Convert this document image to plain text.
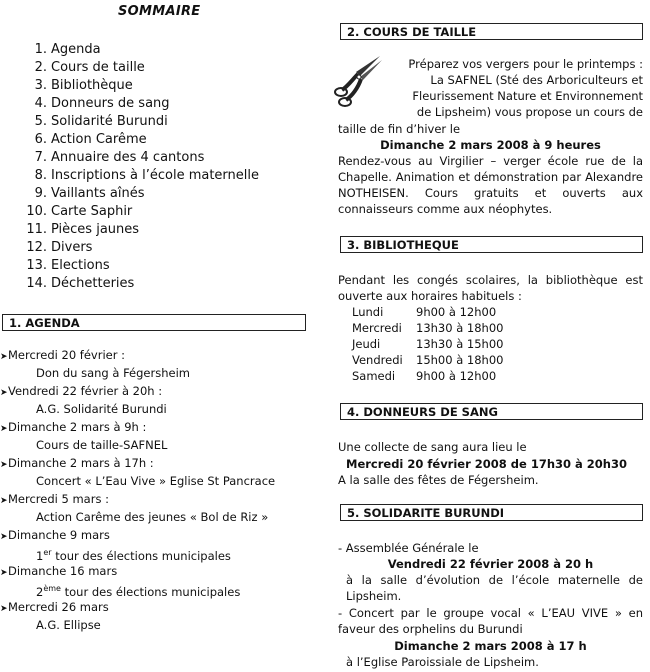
SOMMAIRE
1. Agenda
2. Cours de taille
3. Bibliothèque
4. Donneurs de sang
5. Solidarité Burundi
6. Action Carême
7. Annuaire des 4 cantons
8. Inscriptions à l’école maternelle
9. Vaillants aînés
10. Carte Saphir
11. Pièces jaunes
12. Divers
13. Elections
14. Déchetteries
1. AGENDA
➤Mercredi 20 février :
Don du sang à Fégersheim
➤Vendredi 22 février à 20h :
A.G. Solidarité Burundi
➤Dimanche 2 mars à 9h :
Cours de taille-SAFNEL
➤Dimanche 2 mars à 17h :
Concert « L’Eau Vive » Eglise St Pancrace
➤Mercredi 5 mars :
Action Carême des jeunes « Bol de Riz »
➤Dimanche 9 mars
1er tour des élections municipales
➤Dimanche 16 mars
2ème tour des élections municipales
➤Mercredi 26 mars
A.G. Ellipse
2. COURS DE TAILLE
Préparez vos vergers pour le printemps :
La SAFNEL (Sté des Arboriculteurs et
Fleurissement Nature et Environnement
de Lipsheim) vous propose un cours de
taille de fin d’hiver le
Dimanche 2 mars 2008 à 9 heures
Rendez-vous au Virgilier – verger école rue de la Chapelle. Animation et démonstration par Alexandre NOTHEISEN. Cours gratuits et ouverts aux connaisseurs comme aux néophytes.
3. BIBLIOTHEQUE
Pendant les congés scolaires, la bibliothèque est ouverte aux horaires habituels :
Lundi	9h00 à 12h00
Mercredi	13h30 à 18h00
Jeudi	13h30 à 15h00
Vendredi	15h00 à 18h00
Samedi	9h00 à 12h00
4. DONNEURS DE SANG
Une collecte de sang aura lieu le
Mercredi 20 février 2008 de 17h30 à 20h30
A la salle des fêtes de Fégersheim.
5. SOLIDARITE BURUNDI
- Assemblée Générale le
Vendredi 22 février 2008 à 20 h
à la salle d’évolution de l’école maternelle de Lipsheim.
- Concert par le groupe vocal « L’EAU VIVE » en faveur des orphelins du Burundi
Dimanche 2 mars 2008 à 17 h
à l’Eglise Paroissiale de Lipsheim.
